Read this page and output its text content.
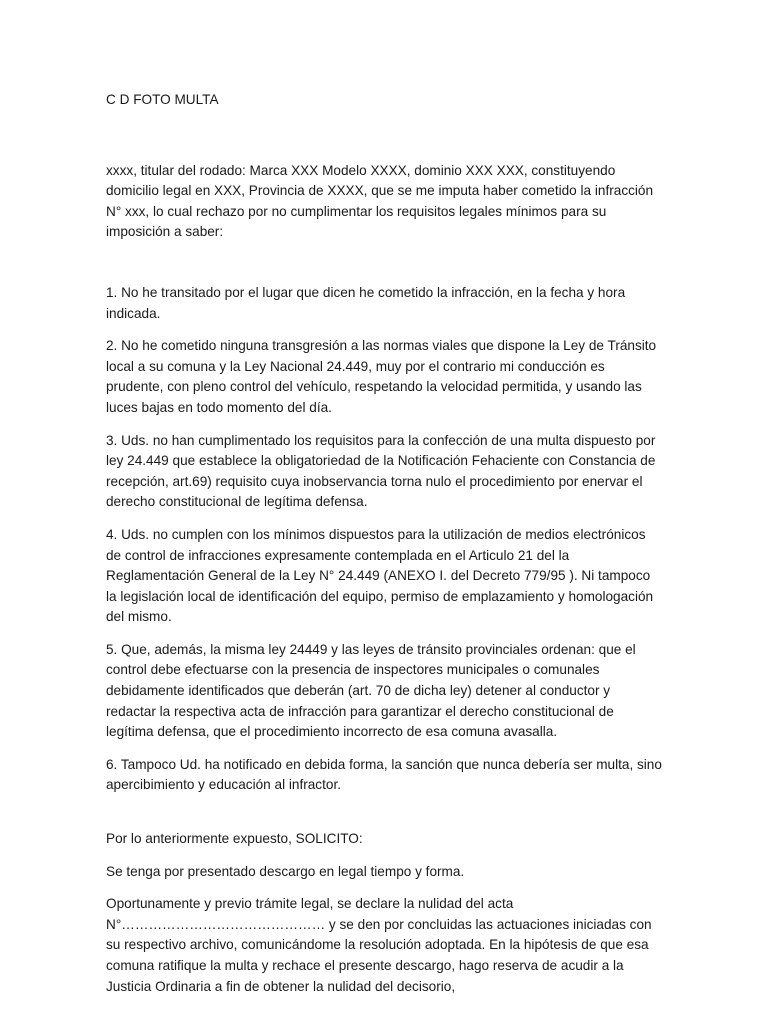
C D FOTO MULTA

xxxx, titular del rodado: Marca XXX Modelo XXXX, dominio XXX XXX, constituyendo domicilio legal en XXX, Provincia de XXXX, que se me imputa haber cometido la infracción N° xxx, lo cual rechazo por no cumplimentar los requisitos legales mínimos para su imposición a saber:

1. No he transitado por el lugar que dicen he cometido la infracción, en la fecha y hora indicada.
2. No he cometido ninguna transgresión a las normas viales que dispone la Ley de Tránsito local a su comuna y la Ley Nacional 24.449, muy por el contrario mi conducción es prudente, con pleno control del vehículo, respetando la velocidad permitida, y usando las luces bajas en todo momento del día.
3. Uds. no han cumplimentado los requisitos para la confección de una multa dispuesto por ley 24.449 que establece la obligatoriedad de la Notificación Fehaciente con Constancia de recepción, art.69) requisito cuya inobservancia torna nulo el procedimiento por enervar el derecho constitucional de legítima defensa.
4. Uds. no cumplen con los mínimos dispuestos para la utilización de medios electrónicos de control de infracciones expresamente contemplada en el Articulo 21 del la Reglamentación General de la Ley N° 24.449 (ANEXO I. del Decreto 779/95 ). Ni tampoco la legislación local de identificación del equipo, permiso de emplazamiento y homologación del mismo.
5. Que, además, la misma ley 24449 y las leyes de tránsito provinciales ordenan: que el control debe efectuarse con la presencia de inspectores municipales o comunales debidamente identificados que deberán (art. 70 de dicha ley) detener al conductor y redactar la respectiva acta de infracción para garantizar el derecho constitucional de legítima defensa, que el procedimiento incorrecto de esa comuna avasalla.
6. Tampoco Ud. ha notificado en debida forma, la sanción que nunca debería ser multa, sino apercibimiento y educación al infractor.

Por lo anteriormente expuesto, SOLICITO:

Se tenga por presentado descargo en legal tiempo y forma.

Oportunamente y previo trámite legal, se declare la nulidad del acta N°……………………………………… y se den por concluidas las actuaciones iniciadas con su respectivo archivo, comunicándome la resolución adoptada. En la hipótesis de que esa comuna ratifique la multa y rechace el presente descargo, hago reserva de acudir a la Justicia Ordinaria a fin de obtener la nulidad del decisorio,
